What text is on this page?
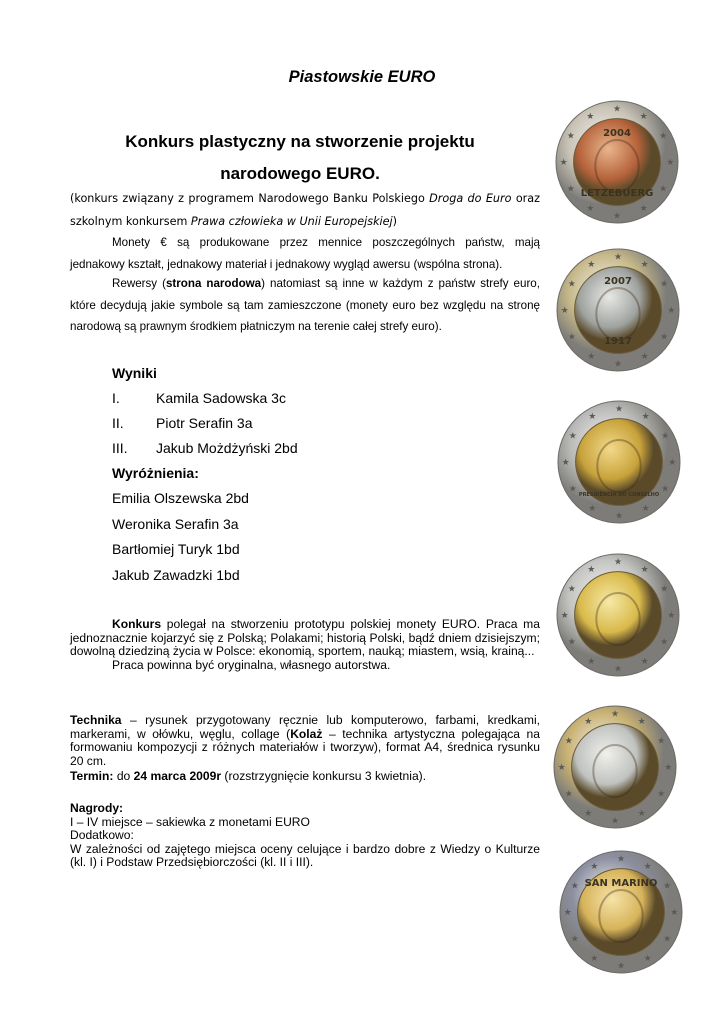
Piastowskie EURO
Konkurs plastyczny na stworzenie projektu
narodowego EURO.

(konkurs związany z programem Narodowego Banku Polskiego Droga do Euro oraz szkolnym konkursem Prawa człowieka w Unii Europejskiej)

Monety € są produkowane przez mennice poszczególnych państw, mają jednakowy kształt, jednakowy materiał i jednakowy wygląd awersu (wspólna strona).

Rewersy (strona narodowa) natomiast są inne w każdym z państw strefy euro, które decydują jakie symbole są tam zamieszczone (monety euro bez względu na stronę narodową są prawnym środkiem płatniczym na terenie całej strefy euro).

Wyniki

I.	Kamila Sadowska 3c

II. Piotr Serafin 3a

III. Jakub Możdżyński 2bd

Wyróżnienia:

Emilia Olszewska 2bd

Weronika Serafin 3a

Bartłomiej Turyk 1bd

Jakub Zawadzki 1bd

Konkurs polegał na stworzeniu prototypu polskiej monety EURO. Praca ma jednoznacznie kojarzyć się z Polską; Polakami; historią Polski, bądź dniem dzisiejszym; dowolną dziedziną życia w Polsce: ekonomią, sportem, nauką; miastem, wsią, krainą...
Praca powinna być oryginalna, własnego autorstwa.

Technika – rysunek przygotowany ręcznie lub komputerowo, farbami, kredkami, markerami, w ołówku, węglu, collage (Kolaż – technika artystyczna polegająca na formowaniu kompozycji z różnych materiałów i tworzyw), format A4, średnica rysunku 20 cm.

Termin: do 24 marca 2009r (rozstrzygnięcie konkursu 3 kwietnia).

Nagrody:
I – IV miejsce – sakiewka z monetami EURO
Dodatkowo:
W zależności od zajętego miejsca oceny celujące i bardzo dobre z Wiedzy o Kulturze (kl. I) i Podstaw Przedsiębiorczości (kl. II i III).

★
★
★
★
★
★
★
★
★
★
★
★
2004
LETZEBUERG
★
★
★
★
★
★
★
★
★
★
★
★
2007
1917
★
★
★
★
★
★
★
★
★
★
★
★
PRESIDÊNCIA DO CONSELHO
★
★
★
★
★
★
★
★
★
★
★
★
★
★
★
★
★
★
★
★
★
★
★
★
★
★
★
★
★
★
★
★
★
★
★
★
SAN MARINO
